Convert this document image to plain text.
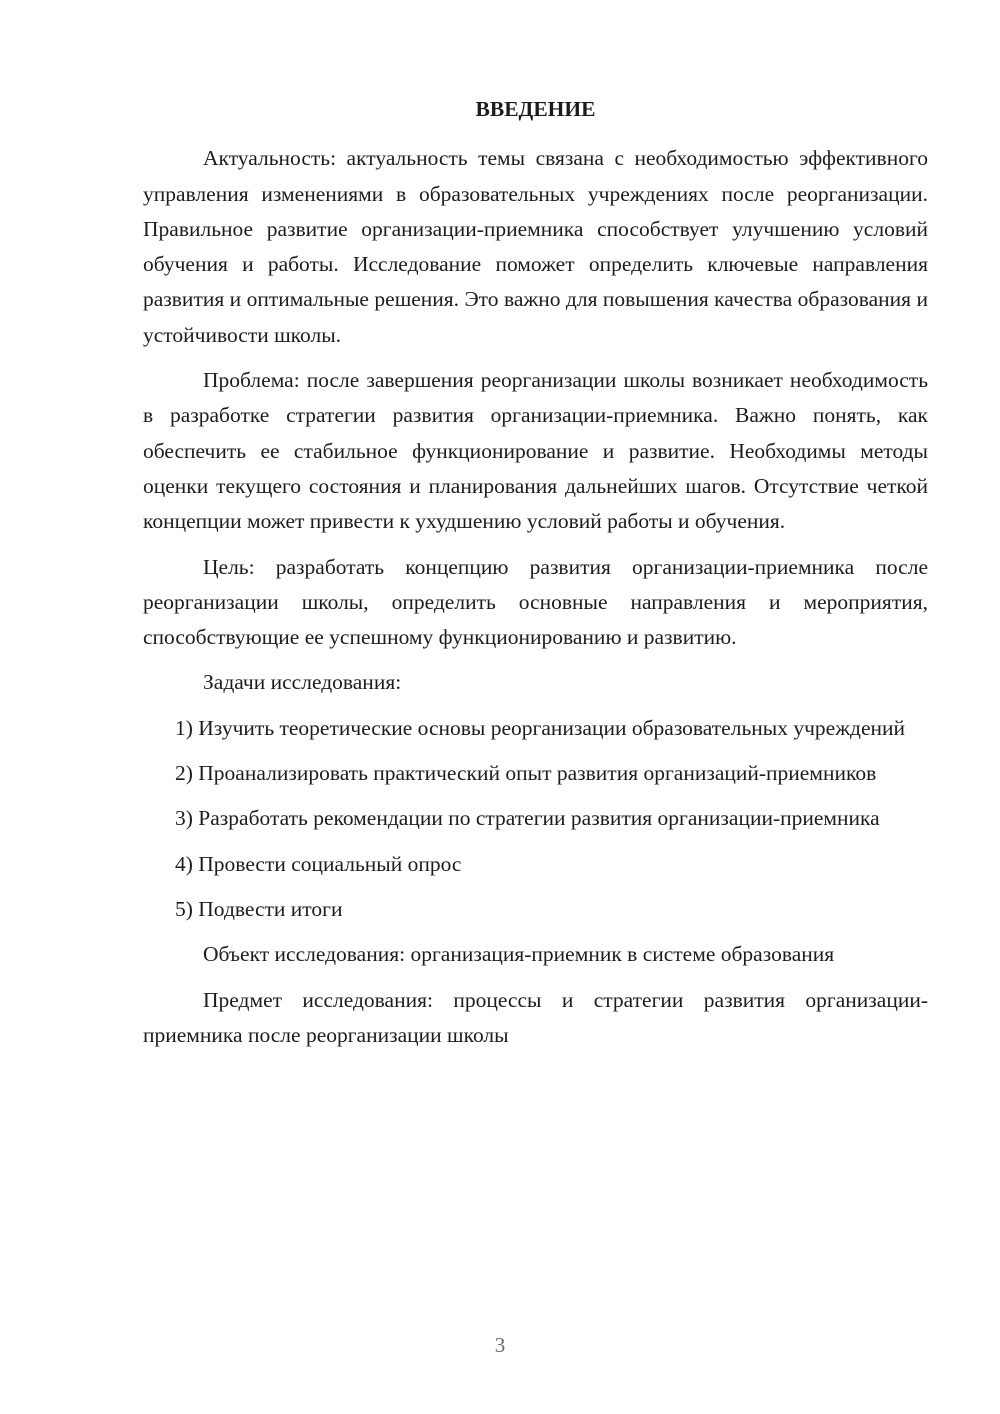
ВВЕДЕНИЕ

Актуальность: актуальность темы связана с необходимостью эффективного управления изменениями в образовательных учреждениях после реорганизации. Правильное развитие организации-приемника способствует улучшению условий обучения и работы. Исследование поможет определить ключевые направления развития и оптимальные решения. Это важно для повышения качества образования и устойчивости школы.

Проблема: после завершения реорганизации школы возникает необходимость в разработке стратегии развития организации-приемника. Важно понять, как обеспечить ее стабильное функционирование и развитие. Необходимы методы оценки текущего состояния и планирования дальнейших шагов. Отсутствие четкой концепции может привести к ухудшению условий работы и обучения.

Цель: разработать концепцию развития организации-приемника после реорганизации школы, определить основные направления и мероприятия, способствующие ее успешному функционированию и развитию.

Задачи исследования:

1) Изучить теоретические основы реорганизации образовательных учреждений

2) Проанализировать практический опыт развития организаций-приемников

3) Разработать рекомендации по стратегии развития организации-приемника

4) Провести социальный опрос

5) Подвести итоги

Объект исследования: организация-приемник в системе образования

Предмет исследования: процессы и стратегии развития организации-приемника после реорганизации школы

3
